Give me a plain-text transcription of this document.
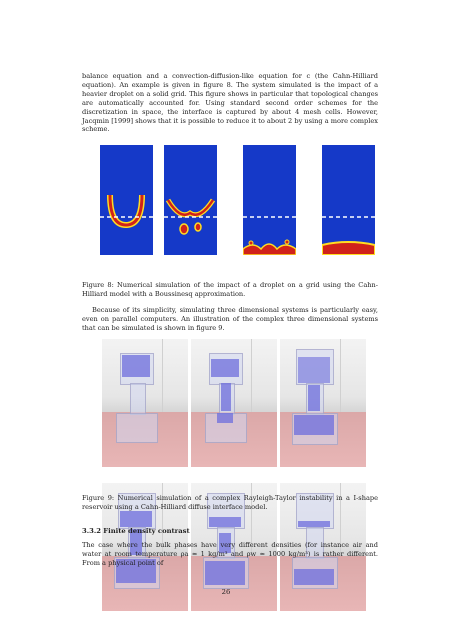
balance equation and a convection-diffusion-like equation for c (the Cahn-Hilliard equation). An example is given in figure 8. The system simulated is the impact of a heavier droplet on a solid grid. This figure shows in particular that topological changes are automatically accounted for. Using standard second order schemes for the discretization in space, the interface is captured by about 4 mesh cells. However, Jacqmin [1999] shows that it is possible to reduce it to about 2 by using a more complex scheme.

Figure 8: Numerical simulation of the impact of a droplet on a grid using the Cahn-Hilliard model with a Boussinesq approximation.

Because of its simplicity, simulating three dimensional systems is particularly easy, even on parallel computers. An illustration of the complex three dimensional systems that can be simulated is shown in figure 9.

Figure 9: Numerical simulation of a complex Rayleigh-Taylor instability in a I-shape reservoir using a Cahn-Hilliard diffuse interface model.

3.3.2 Finite density contrast

The case where the bulk phases have very different densities (for instance air and water at room temperature ρa ≃ 1 kg/m³ and ρw ≃ 1000 kg/m³) is rather different. From a physical point of

26
